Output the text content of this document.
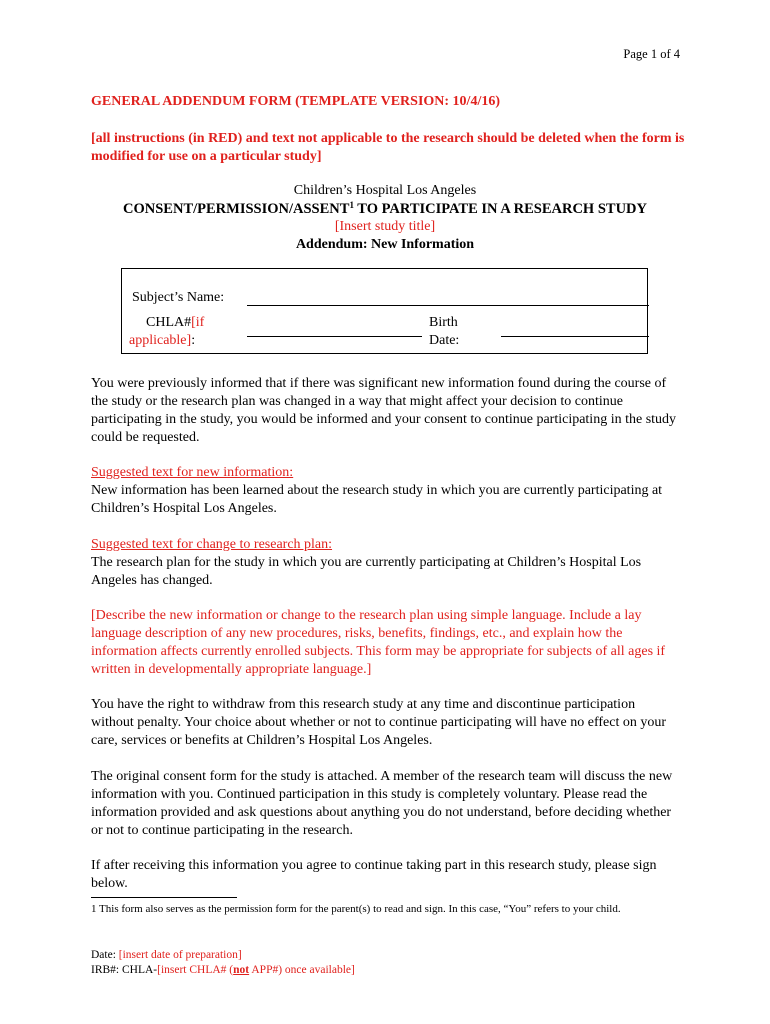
Page 1 of 4
GENERAL ADDENDUM FORM (TEMPLATE VERSION: 10/4/16)
[all instructions (in RED) and text not applicable to the research should be deleted when the form is modified for use on a particular study]
Children’s Hospital Los Angeles
CONSENT/PERMISSION/ASSENT$^1$ TO PARTICIPATE IN A RESEARCH STUDY
[Insert study title]
Addendum: New Information
Subject’s Name:
CHLA#[if
applicable]:
Birth
Date:
You were previously informed that if there was significant new information found during the course of the study or the research plan was changed in a way that might affect your decision to continue participating in the study, you would be informed and your consent to continue participating in the study could be requested.

Suggested text for new information:

New information has been learned about the research study in which you are currently participating at Children’s Hospital Los Angeles.

Suggested text for change to research plan:

The research plan for the study in which you are currently participating at Children’s Hospital Los Angeles has changed.

[Describe the new information or change to the research plan using simple language. Include a lay language description of any new procedures, risks, benefits, findings, etc., and explain how the information affects currently enrolled subjects. This form may be appropriate for subjects of all ages if written in developmentally appropriate language.]
You have the right to withdraw from this research study at any time and discontinue participation without penalty. Your choice about whether or not to continue participating will have no effect on your care, services or benefits at Children’s Hospital Los Angeles.
The original consent form for the study is attached. A member of the research team will discuss the new information with you. Continued participation in this study is completely voluntary. Please read the information provided and ask questions about anything you do not understand, before deciding whether or not to continue participating in the research.
If after receiving this information you agree to continue taking part in this research study, please sign below.
1 This form also serves as the permission form for the parent(s) to read and sign. In this case, “You” refers to your child.
Date: [insert date of preparation]
IRB#: CHLA-[insert CHLA# (not APP#) once available]
